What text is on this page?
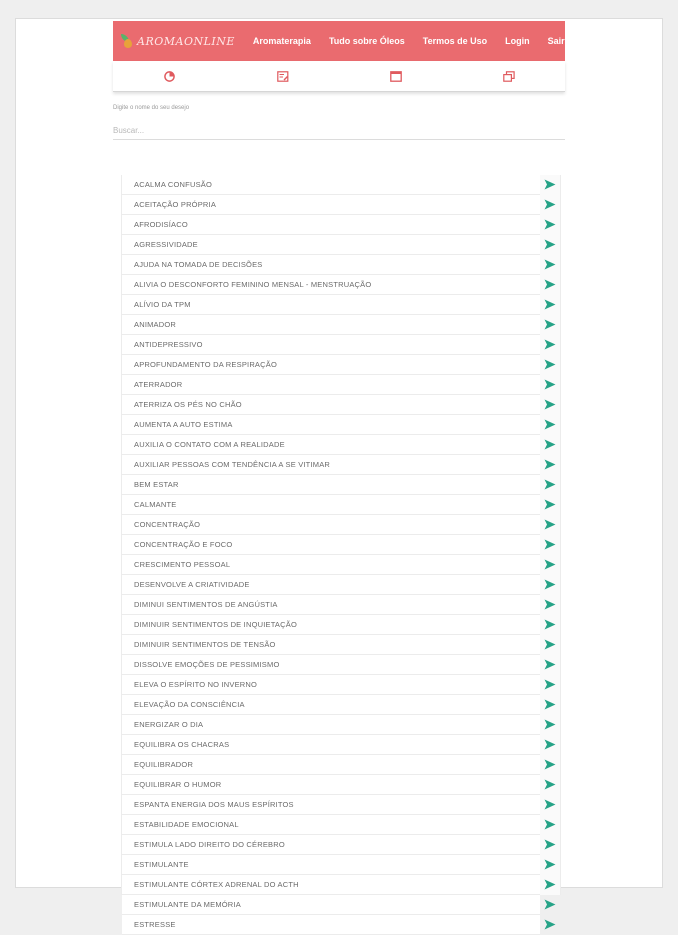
AROMAONLINE Aromaterapia Tudo sobre Óleos Termos de Uso Login Sair
Digite o nome do seu desejo
Buscar...
ACALMA CONFUSÃO
ACEITAÇÃO PRÓPRIA
AFRODISÍACO
AGRESSIVIDADE
AJUDA NA TOMADA DE DECISÕES
ALIVIA O DESCONFORTO FEMININO MENSAL - MENSTRUAÇÃO
ALÍVIO DA TPM
ANIMADOR
ANTIDEPRESSIVO
APROFUNDAMENTO DA RESPIRAÇÃO
ATERRADOR
ATERRIZA OS PÉS NO CHÃO
AUMENTA A AUTO ESTIMA
AUXILIA O CONTATO COM A REALIDADE
AUXILIAR PESSOAS COM TENDÊNCIA A SE VITIMAR
BEM ESTAR
CALMANTE
CONCENTRAÇÃO
CONCENTRAÇÃO E FOCO
CRESCIMENTO PESSOAL
DESENVOLVE A CRIATIVIDADE
DIMINUI SENTIMENTOS DE ANGÚSTIA
DIMINUIR SENTIMENTOS DE INQUIETAÇÃO
DIMINUIR SENTIMENTOS DE TENSÃO
DISSOLVE EMOÇÕES DE PESSIMISMO
ELEVA O ESPÍRITO NO INVERNO
ELEVAÇÃO DA CONSCIÊNCIA
ENERGIZAR O DIA
EQUILIBRA OS CHACRAS
EQUILIBRADOR
EQUILIBRAR O HUMOR
ESPANTA ENERGIA DOS MAUS ESPÍRITOS
ESTABILIDADE EMOCIONAL
ESTIMULA LADO DIREITO DO CÉREBRO
ESTIMULANTE
ESTIMULANTE CÓRTEX ADRENAL DO ACTH
ESTIMULANTE DA MEMÓRIA
ESTRESSE
